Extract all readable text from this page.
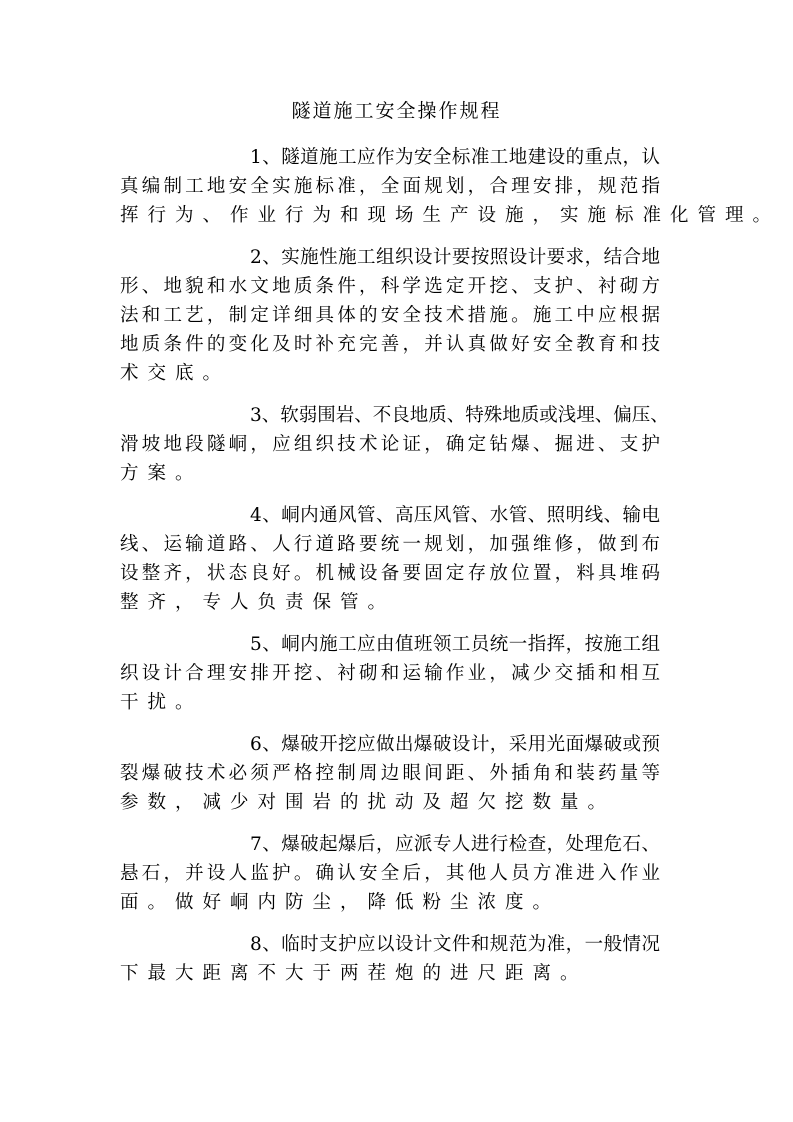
隧道施工安全操作规程
1、隧道施工应作为安全标准工地建设的重点，认
真编制工地安全实施标准，全面规划，合理安排，规范指
挥行为、作业行为和现场生产设施，实施标准化管理。
2、实施性施工组织设计要按照设计要求，结合地
形、地貌和水文地质条件，科学选定开挖、支护、衬砌方
法和工艺，制定详细具体的安全技术措施。施工中应根据
地质条件的变化及时补充完善，并认真做好安全教育和技
术交底。
3、软弱围岩、不良地质、特殊地质或浅埋、偏压、
滑坡地段隧峒，应组织技术论证，确定钻爆、掘进、支护
方案。
4、峒内通风管、高压风管、水管、照明线、输电
线、运输道路、人行道路要统一规划，加强维修，做到布
设整齐，状态良好。机械设备要固定存放位置，料具堆码
整齐，专人负责保管。
5、峒内施工应由值班领工员统一指挥，按施工组
织设计合理安排开挖、衬砌和运输作业，减少交插和相互
干扰。
6、爆破开挖应做出爆破设计，采用光面爆破或预
裂爆破技术必须严格控制周边眼间距、外插角和装药量等
参数，减少对围岩的扰动及超欠挖数量。
7、爆破起爆后，应派专人进行检查，处理危石、
悬石，并设人监护。确认安全后，其他人员方准进入作业
面。做好峒内防尘，降低粉尘浓度。
8、临时支护应以设计文件和规范为准，一般情况
下最大距离不大于两茬炮的进尺距离。
